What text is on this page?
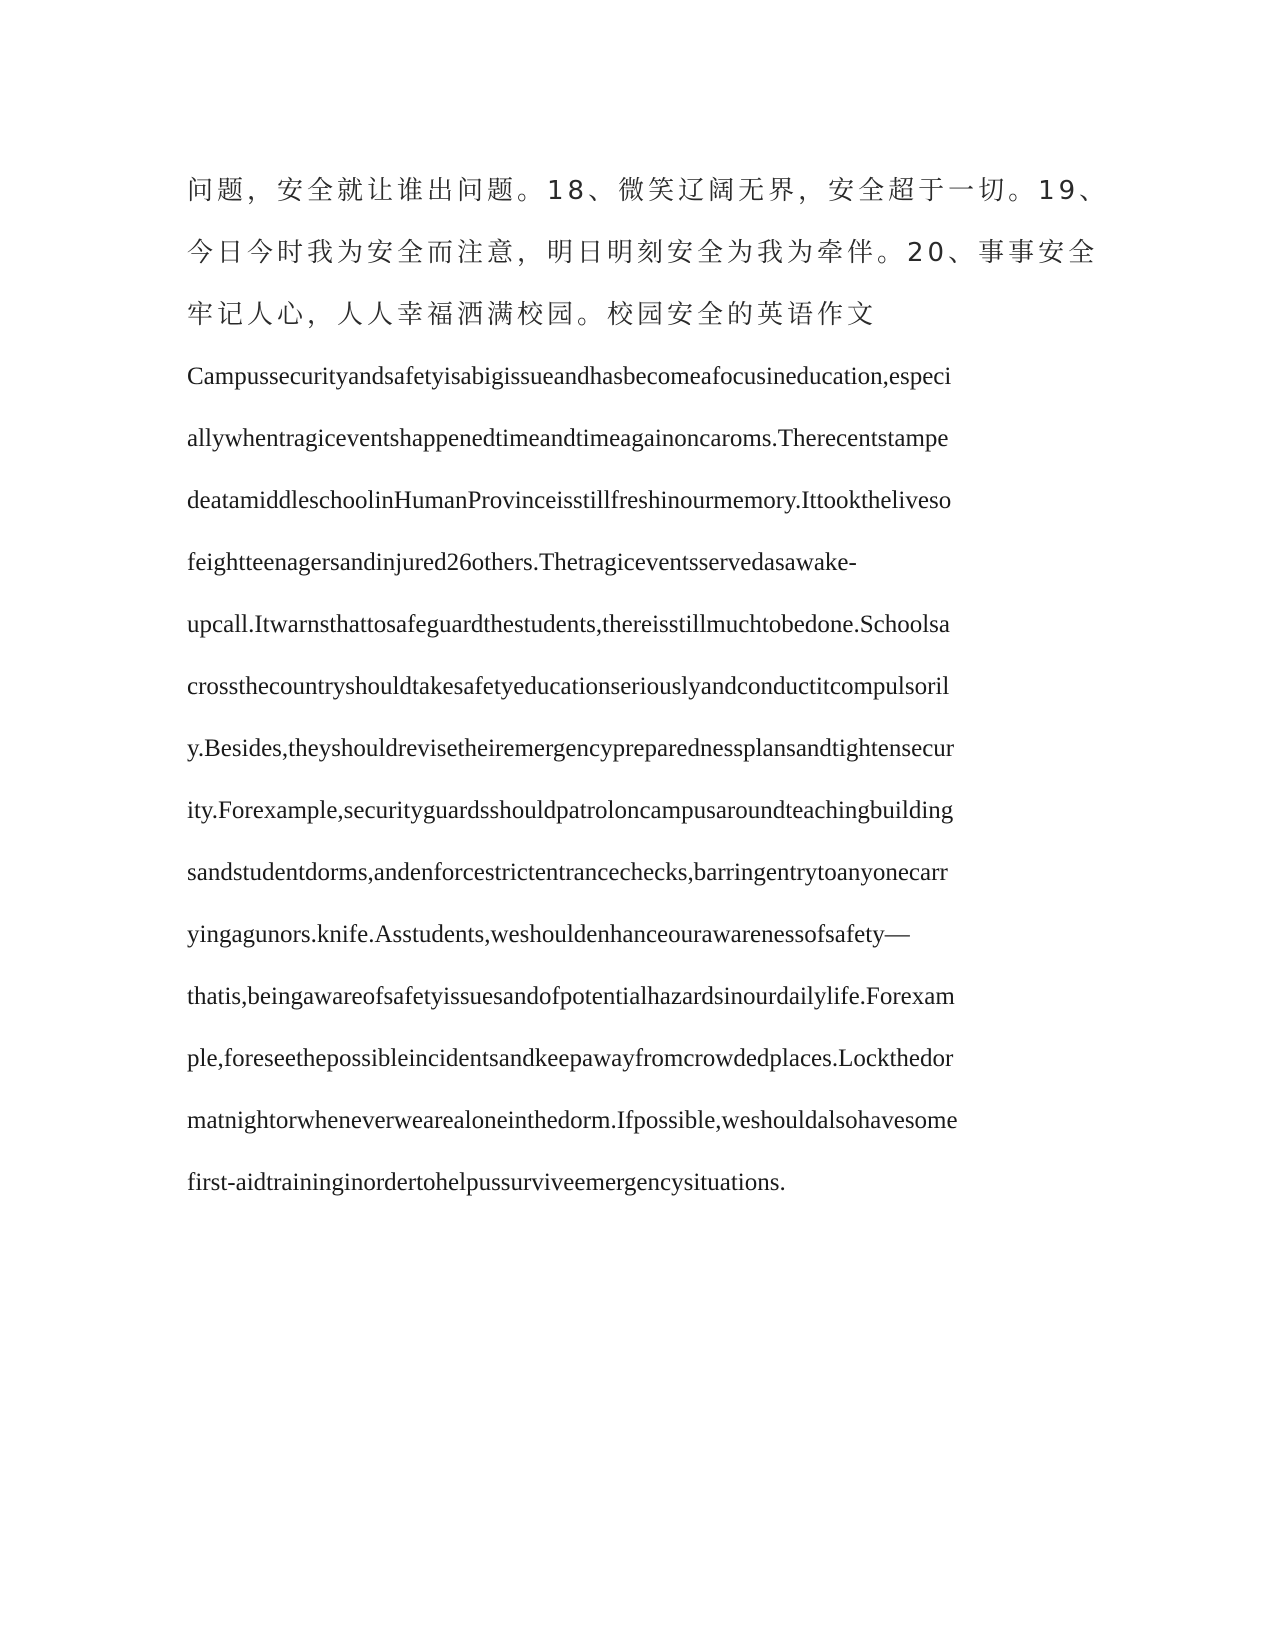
问题，安全就让谁出问题。18、微笑辽阔无界，安全超于一切。19、
今日今时我为安全而注意，明日明刻安全为我为牵伴。20、事事安全
牢记人心，人人幸福洒满校园。校园安全的英语作文
Campussecurityandsafetyisabigissueandhasbecomeafocusineducation,especi
allywhentragiceventshappenedtimeandtimeagainoncaroms.Therecentstampe
deatamiddleschoolinHumanProvinceisstillfreshinourmemory.Ittooktheliveso
feightteenagersandinjured26others.Thetragiceventsservedasawake-
upcall.Itwarnsthattosafeguardthestudents,thereisstillmuchtobedone.Schoolsa
crossthecountryshouldtakesafetyeducationseriouslyandconductitcompulsoril
y.Besides,theyshouldrevisetheiremergencypreparednessplansandtightensecur
ity.Forexample,securityguardsshouldpatroloncampusaroundteachingbuilding
sandstudentdorms,andenforcestrictentrancechecks,barringentrytoanyonecarr
yingagunors.knife.Asstudents,weshouldenhanceourawarenessofsafety—
thatis,beingawareofsafetyissuesandofpotentialhazardsinourdailylife.Forexam
ple,foreseethepossibleincidentsandkeepawayfromcrowdedplaces.Lockthedor
matnightorwheneverwearealoneinthedorm.Ifpossible,weshouldalsohavesome
first-aidtraininginordertohelpussurviveemergencysituations.
